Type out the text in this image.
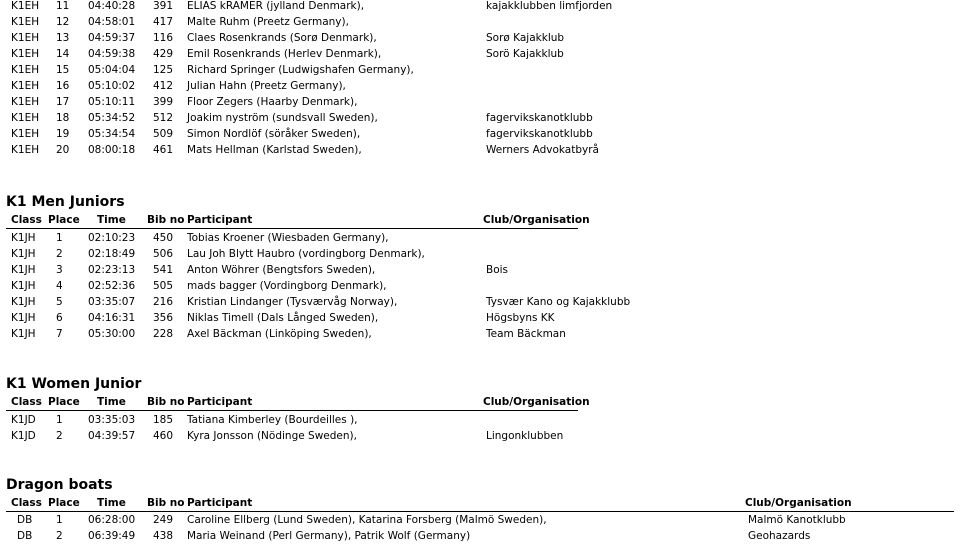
K1EH 11 04:40:28 391 ELIAS kRAMER (jylland Denmark),	kajakklubben limfjorden
K1EH 12 04:58:01 417 Malte Ruhm (Preetz Germany),
K1EH 13 04:59:37 116 Claes Rosenkrands (Sorø Denmark),	Sorø Kajakklub
K1EH 14 04:59:38 429 Emil Rosenkrands (Herlev Denmark),	Sorö Kajakklub
K1EH 15 05:04:04 125 Richard Springer (Ludwigshafen Germany),
K1EH 16 05:10:02 412 Julian Hahn (Preetz Germany),
K1EH 17 05:10:11 399 Floor Zegers (Haarby Denmark),
K1EH 18 05:34:52 512 Joakim nyström (sundsvall Sweden),	fagervikskanotklubb
K1EH 19 05:34:54 509 Simon Nordlöf (söråker Sweden),	fagervikskanotklubb
K1EH 20 08:00:18 461 Mats Hellman (Karlstad Sweden),	Werners Advokatbyrå
K1 Men Juniors
Class Place Time Bib no Participant	Club/Organisation
K1JH 1 02:10:23 450 Tobias Kroener (Wiesbaden Germany),
K1JH 2 02:18:49 506 Lau Joh Blytt Haubro (vordingborg Denmark),
K1JH 3 02:23:13 541 Anton Wöhrer (Bengtsfors Sweden),	Bois
K1JH 4 02:52:36 505 mads bagger (Vordingborg Denmark),
K1JH 5 03:35:07 216 Kristian Lindanger (Tysværvåg Norway),	Tysvær Kano og Kajakklubb
K1JH 6 04:16:31 356 Niklas Timell (Dals Långed Sweden),	Högsbyns KK
K1JH 7 05:30:00 228 Axel Bäckman (Linköping Sweden),	Team Bäckman
K1 Women Junior
Class Place Time Bib no Participant	Club/Organisation
K1JD 1 03:35:03 185 Tatiana Kimberley (Bourdeilles ),
K1JD 2 04:39:57 460 Kyra Jonsson (Nödinge Sweden),	Lingonklubben
Dragon boats
Class Place Time Bib no Participant	Club/Organisation
DB 1 06:28:00 249 Caroline Ellberg (Lund Sweden), Katarina Forsberg (Malmö Sweden),	Malmö Kanotklubb
DB 2 06:39:49 438 Maria Weinand (Perl Germany), Patrik Wolf (Germany)	Geohazards
